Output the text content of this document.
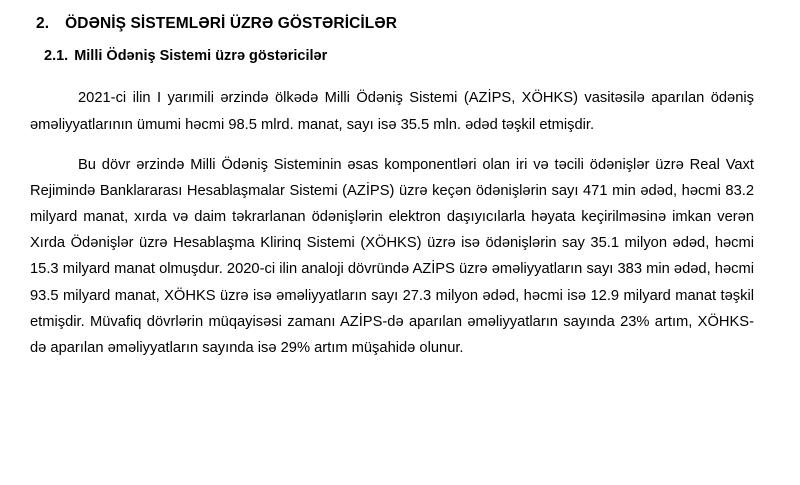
2. ÖDƏNİŞ SİSTEMLƏRİ ÜZRƏ GÖSTƏRİCİLƏR
2.1. Milli Ödəniş Sistemi üzrə göstəricilər

2021-ci ilin I yarımili ərzində ölkədə Milli Ödəniş Sistemi (AZİPS, XÖHKS) vasitəsilə aparılan ödəniş əməliyyatlarının ümumi həcmi 98.5 mlrd. manat, sayı isə 35.5 mln. ədəd təşkil etmişdir.

Bu dövr ərzində Milli Ödəniş Sisteminin əsas komponentləri olan iri və təcili ödənişlər üzrə Real Vaxt Rejimində Banklararası Hesablaşmalar Sistemi (AZİPS) üzrə keçən ödənişlərin sayı 471 min ədəd, həcmi 83.2 milyard manat, xırda və daim təkrarlanan ödənişlərin elektron daşıyıcılarla həyata keçirilməsinə imkan verən Xırda Ödənişlər üzrə Hesablaşma Klirinq Sistemi (XÖHKS) üzrə isə ödənişlərin say 35.1 milyon ədəd, həcmi 15.3 milyard manat olmuşdur. 2020-ci ilin analoji dövründə AZİPS üzrə əməliyyatların sayı 383 min ədəd, həcmi 93.5 milyard manat, XÖHKS üzrə isə əməliyyatların sayı 27.3 milyon ədəd, həcmi isə 12.9 milyard manat təşkil etmişdir. Müvafiq dövrlərin müqayisəsi zamanı AZİPS-də aparılan əməliyyatların sayında 23% artım, XÖHKS-də aparılan əməliyyatların sayında isə 29% artım müşahidə olunur.
